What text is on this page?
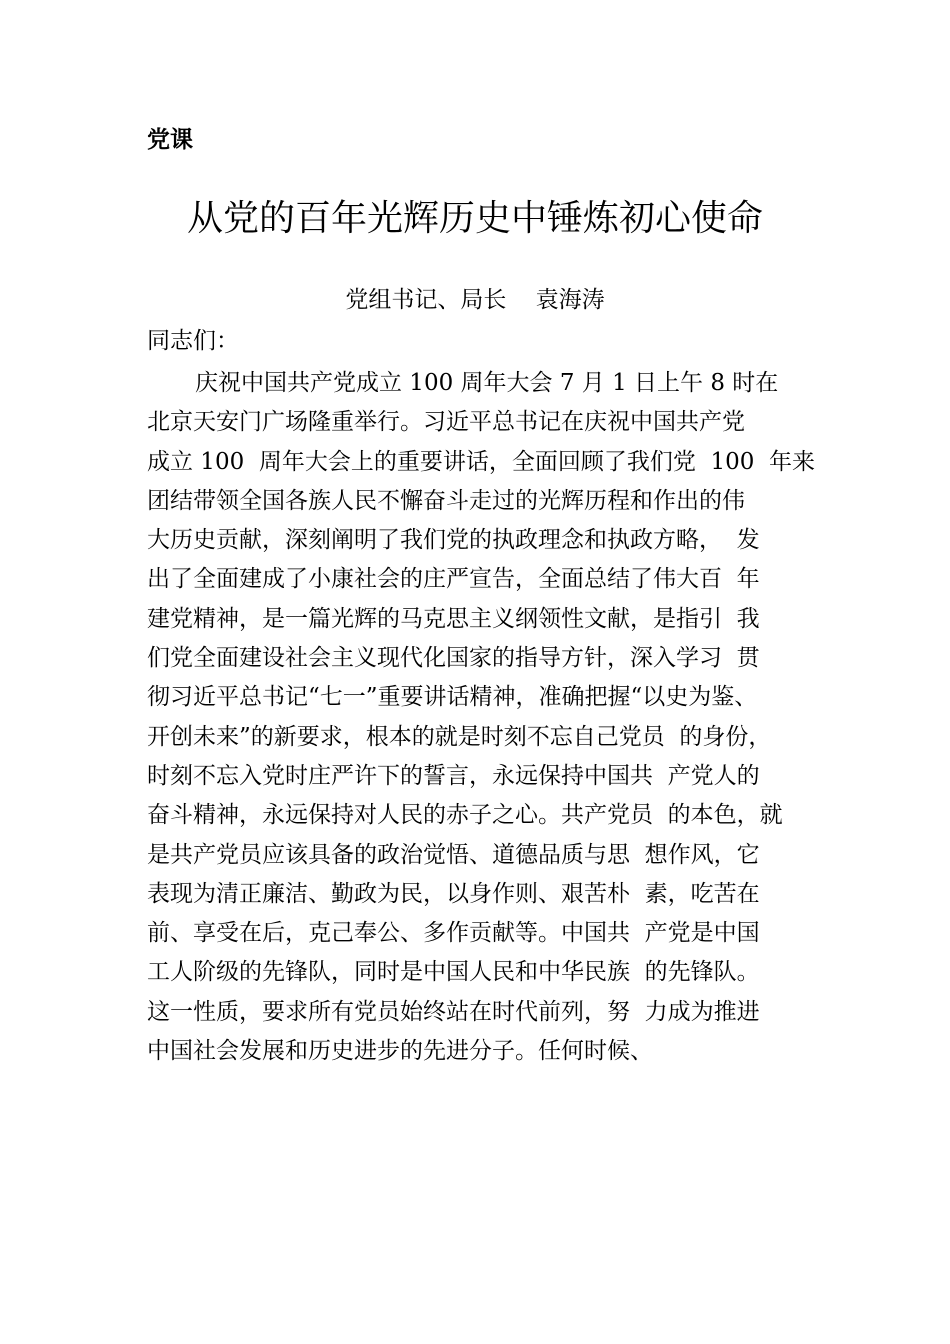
党课

从党的百年光辉历史中锤炼初心使命

党组书记、局长    袁海涛

同志们：

庆祝中国共产党成立 100 周年大会 7 月 1 日上午 8 时在
北京天安门广场隆重举行。习近平总书记在庆祝中国共产党
成立 100  周年大会上的重要讲话，全面回顾了我们党  100  年来
团结带领全国各族人民不懈奋斗走过的光辉历程和作出的伟
大历史贡献，深刻阐明了我们党的执政理念和执政方略，  发
出了全面建成了小康社会的庄严宣告，全面总结了伟大百  年
建党精神，是一篇光辉的马克思主义纲领性文献，是指引  我
们党全面建设社会主义现代化国家的指导方针，深入学习  贯
彻习近平总书记“七一”重要讲话精神，准确把握“以史为鉴、
开创未来”的新要求，根本的就是时刻不忘自己党员  的身份，
时刻不忘入党时庄严许下的誓言，永远保持中国共  产党人的
奋斗精神，永远保持对人民的赤子之心。共产党员  的本色，就
是共产党员应该具备的政治觉悟、道德品质与思  想作风，它
表现为清正廉洁、勤政为民，以身作则、艰苦朴  素，吃苦在
前、享受在后，克己奉公、多作贡献等。中国共  产党是中国
工人阶级的先锋队，同时是中国人民和中华民族  的先锋队。
这一性质，要求所有党员始终站在时代前列，努  力成为推进
中国社会发展和历史进步的先进分子。任何时候、
